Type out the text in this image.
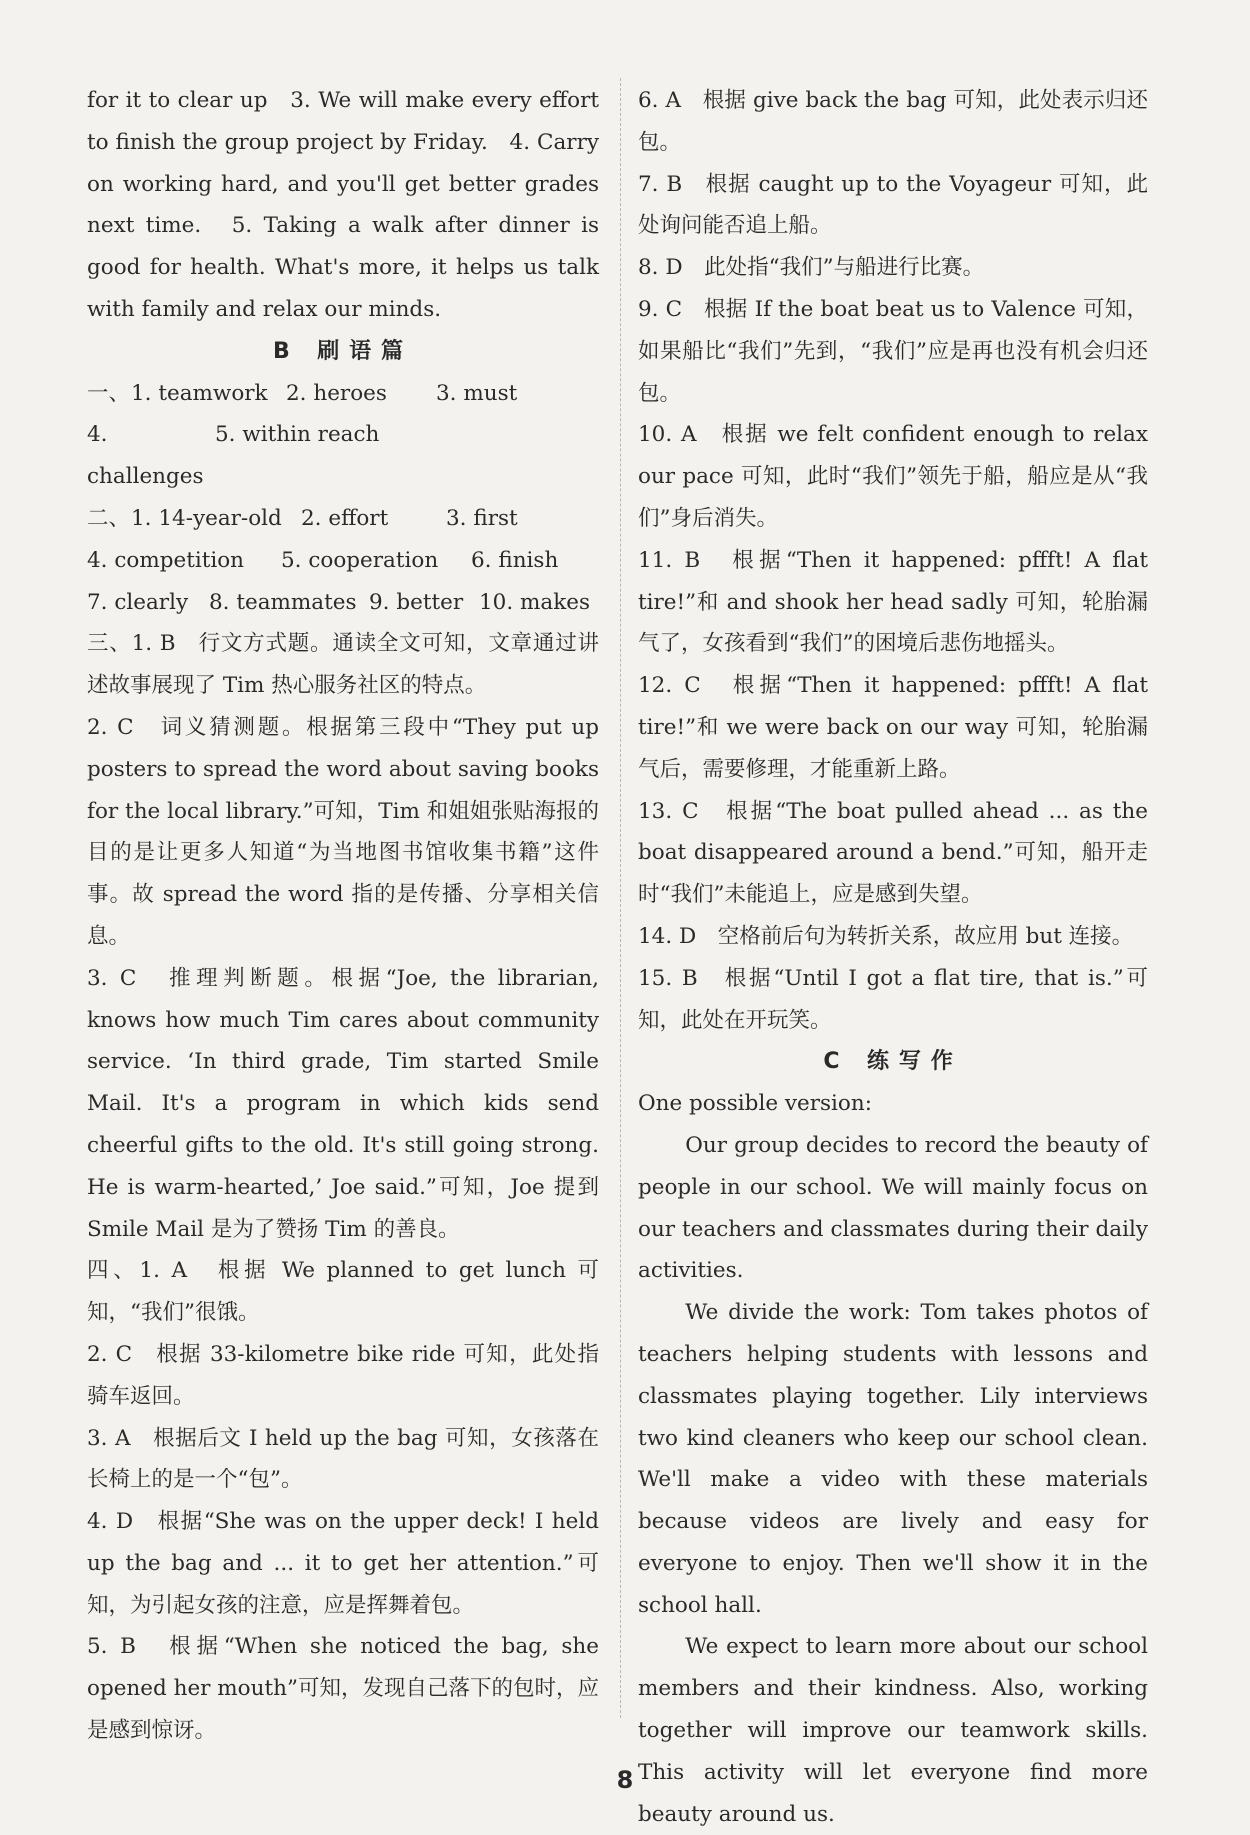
for it to clear up　3. We will make every effort to finish the group project by Friday.　4. Carry on working hard, and you'll get better grades next time.　5. Taking a walk after dinner is good for health. What's more, it helps us talk with family and relax our minds.

B 刷语篇

一、 1. teamwork 2. heroes	3. must
4. challenges
5. within reach
二、 1. 14-year-old 2. effort	3. first
4. competition	5. cooperation	6. finish
7. clearly 8. teammates 9. better 10. makes

三、1. B　行文方式题。通读全文可知，文章通过讲述故事展现了 Tim 热心服务社区的特点。

2. C　词义猜测题。根据第三段中“They put up posters to spread the word about saving books for the local library.”可知，Tim 和姐姐张贴海报的目的是让更多人知道“为当地图书馆收集书籍”这件事。故 spread the word 指的是传播、分享相关信息。

3. C　推理判断题。根据“Joe, the librarian, knows how much Tim cares about community service. ‘In third grade, Tim started Smile Mail. It's a program in which kids send cheerful gifts to the old. It's still going strong. He is warm-hearted,’ Joe said.”可知，Joe 提到 Smile Mail 是为了赞扬 Tim 的善良。

四、1. A　根据 We planned to get lunch 可知，“我们”很饿。

2. C　根据 33-kilometre bike ride 可知，此处指骑车返回。

3. A　根据后文 I held up the bag 可知，女孩落在长椅上的是一个“包”。

4. D　根据“She was on the upper deck! I held up the bag and ... it to get her attention.”可知，为引起女孩的注意，应是挥舞着包。

5. B　根据“When she noticed the bag, she opened her mouth”可知，发现自己落下的包时，应是感到惊讶。

6. A　根据 give back the bag 可知，此处表示归还包。

7. B　根据 caught up to the Voyageur 可知，此处询问能否追上船。

8. D　此处指“我们”与船进行比赛。

9. C　根据 If the boat beat us to Valence 可知，如果船比“我们”先到，“我们”应是再也没有机会归还包。

10. A　根据 we felt confident enough to relax our pace 可知，此时“我们”领先于船，船应是从“我们”身后消失。

11. B　根据“Then it happened: pffft! A flat tire!”和 and shook her head sadly 可知，轮胎漏气了，女孩看到“我们”的困境后悲伤地摇头。

12. C　根据“Then it happened: pffft! A flat tire!”和 we were back on our way 可知，轮胎漏气后，需要修理，才能重新上路。

13. C　根据“The boat pulled ahead ... as the boat disappeared around a bend.”可知，船开走时“我们”未能追上，应是感到失望。

14. D　空格前后句为转折关系，故应用 but 连接。

15. B　根据“Until I got a flat tire, that is.”可知，此处在开玩笑。

C 练写作

One possible version:

Our group decides to record the beauty of people in our school. We will mainly focus on our teachers and classmates during their daily activities.

We divide the work: Tom takes photos of teachers helping students with lessons and classmates playing together. Lily interviews two kind cleaners who keep our school clean. We'll make a video with these materials because videos are lively and easy for everyone to enjoy. Then we'll show it in the school hall.

We expect to learn more about our school members and their kindness. Also, working together will improve our teamwork skills. This activity will let everyone find more beauty around us.

8
